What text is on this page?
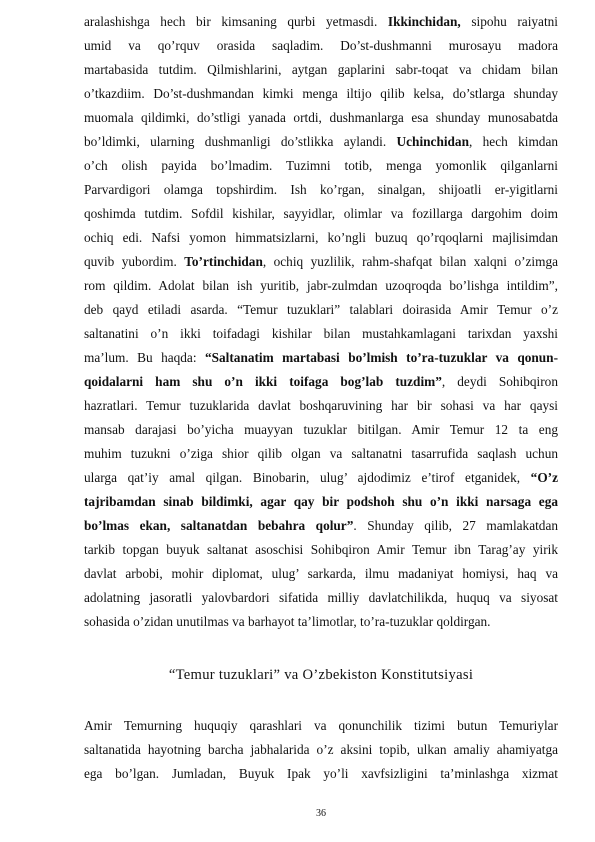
aralashishga hech bir kimsaning qurbi yetmasdi. Ikkinchidan, sipohu raiyatni
umid va qo’rquv orasida saqladim. Do’st-dushmanni murosayu madora
martabasida tutdim. Qilmishlarini, aytgan gaplarini sabr-toqat va chidam bilan
o’tkazdiim. Do’st-dushmandan kimki menga iltijo qilib kelsa, do’stlarga shunday
muomala qildimki, do’stligi yanada ortdi, dushmanlarga esa shunday munosabatda
bo’ldimki, ularning dushmanligi do’stlikka aylandi. Uchinchidan, hech kimdan
o’ch olish payida bo’lmadim. Tuzimni totib, menga yomonlik qilganlarni
Parvardigori olamga topshirdim. Ish ko’rgan, sinalgan, shijoatli er-yigitlarni
qoshimda tutdim. Sofdil kishilar, sayyidlar, olimlar va fozillarga dargohim doim
ochiq edi. Nafsi yomon himmatsizlarni, ko’ngli buzuq qo’rqoqlarni majlisimdan
quvib yubordim. To’rtinchidan, ochiq yuzlilik, rahm-shafqat bilan xalqni o’zimga
rom qildim. Adolat bilan ish yuritib, jabr-zulmdan uzoqroqda bo’lishga intildim”,
deb qayd etiladi asarda. “Temur tuzuklari” talablari doirasida Amir Temur o’z
saltanatini o’n ikki toifadagi kishilar bilan mustahkamlagani tarixdan yaxshi
ma’lum. Bu haqda: “Saltanatim martabasi bo’lmish to’ra-tuzuklar va qonun-
qoidalarni ham shu o’n ikki toifaga bog’lab tuzdim”, deydi Sohibqiron
hazratlari. Temur tuzuklarida davlat boshqaruvining har bir sohasi va har qaysi
mansab darajasi bo’yicha muayyan tuzuklar bitilgan. Amir Temur 12 ta eng
muhim tuzukni o’ziga shior qilib olgan va saltanatni tasarrufida saqlash uchun
ularga qat’iy amal qilgan. Binobarin, ulug’ ajdodimiz e’tirof etganidek, “O’z
tajribamdan sinab bildimki, agar qay bir podshoh shu o’n ikki narsaga ega
bo’lmas ekan, saltanatdan bebahra qolur”. Shunday qilib, 27 mamlakatdan
tarkib topgan buyuk saltanat asoschisi Sohibqiron Amir Temur ibn Tarag’ay yirik
davlat arbobi, mohir diplomat, ulug’ sarkarda, ilmu madaniyat homiysi, haq va
adolatning jasoratli yalovbardori sifatida milliy davlatchilikda, huquq va siyosat
sohasida o’zidan unutilmas va barhayot ta’limotlar, to’ra-tuzuklar qoldirgan.
“Temur tuzuklari” va O’zbekiston Konstitutsiyasi
Amir Temurning huquqiy qarashlari va qonunchilik tizimi butun Temuriylar
saltanatida hayotning barcha jabhalarida o’z aksini topib, ulkan amaliy ahamiyatga
ega bo’lgan. Jumladan, Buyuk Ipak yo’li xavfsizligini ta’minlashga xizmat
36
